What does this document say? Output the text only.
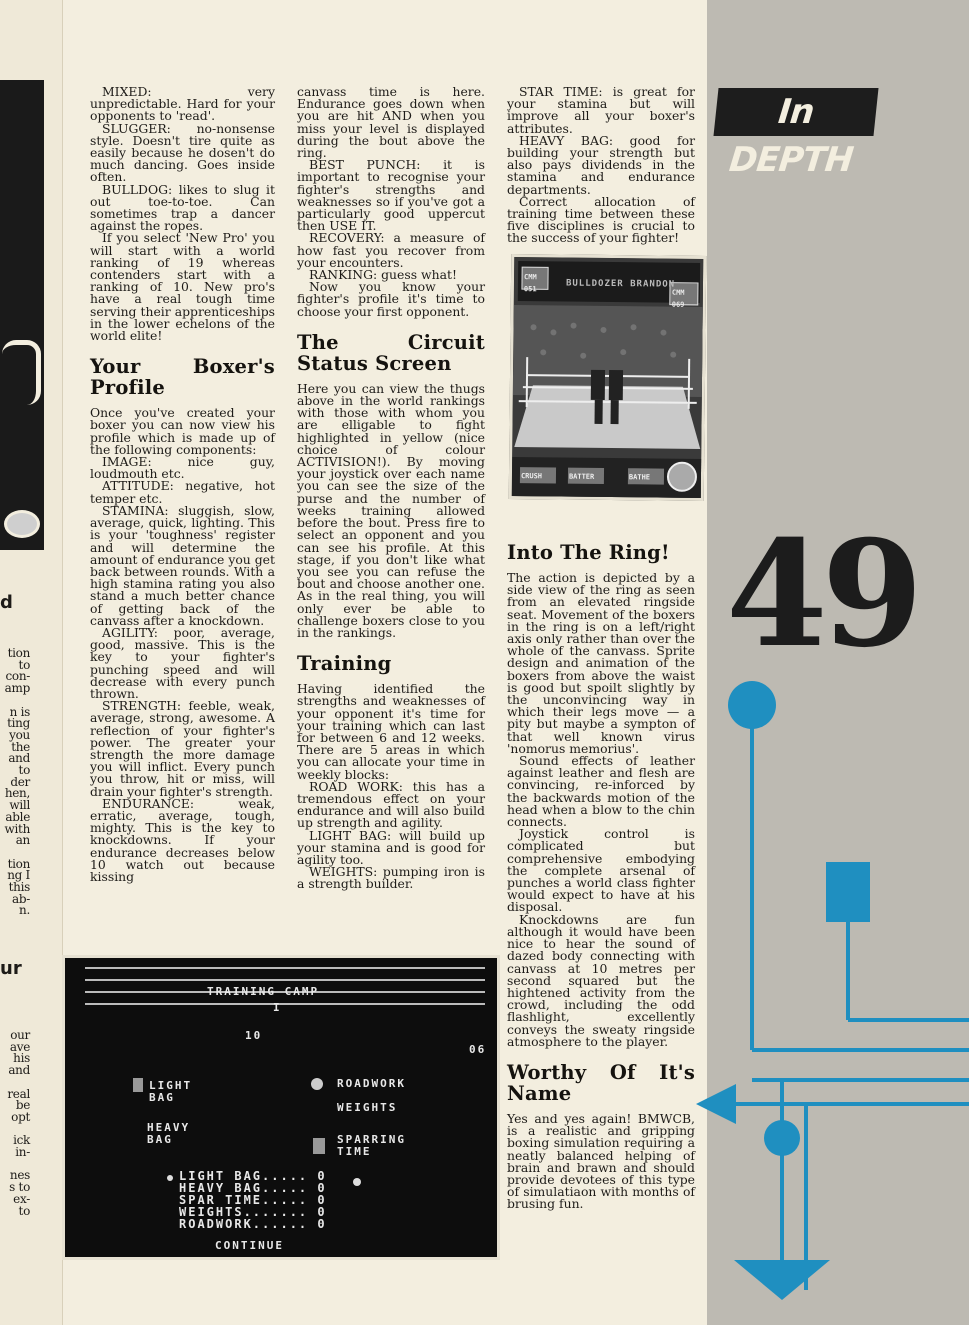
d
tion
to
con-
amp

n is
ting
you
the
and
to
der
hen,
will
able
with
an

tion
ng I
this
ab-
n.
ur
our
ave
his
and

real
be
opt

ick
in-

nes
s to
ex-
to
In DEPTH
49

MIXED: very unpredictable. Hard for your opponents to 'read'.

SLUGGER: no-nonsense style. Doesn't tire quite as easily because he dosen't do much dancing. Goes inside often.

BULLDOG: likes to slug it out toe-to-toe. Can sometimes trap a dancer against the ropes.

If you select 'New Pro' you will start with a world ranking of 19 whereas contenders start with a ranking of 10. New pro's have a real tough time serving their apprenticeships in the lower echelons of the world elite!

Your Boxer's Profile

Once you've created your boxer you can now view his profile which is made up of the following components:

IMAGE: nice guy, loudmouth etc.

ATTITUDE: negative, hot temper etc.

STAMINA: sluggish, slow, average, quick, lighting. This is your 'toughness' register and will determine the amount of endurance you get back between rounds. With a high stamina rating you also stand a much better chance of getting back of the canvass after a knockdown.

AGILITY: poor, average, good, massive. This is the key to your fighter's punching speed and will decrease with every punch thrown.

STRENGTH: feeble, weak, average, strong, awesome. A reflection of your fighter's power. The greater your strength the more damage you will inflict. Every punch you throw, hit or miss, will drain your fighter's strength.

ENDURANCE: weak, erratic, average, tough, mighty. This is the key to knockdowns. If your endurance decreases below 10 watch out because kissing

canvass time is here. Endurance goes down when you are hit AND when you miss your level is displayed during the bout above the ring.

BEST PUNCH: it is important to recognise your fighter's strengths and weaknesses so if you've got a particularly good uppercut then USE IT.

RECOVERY: a measure of how fast you recover from your encounters.

RANKING: guess what!

Now you know your fighter's profile it's time to choose your first opponent.

The Circuit Status Screen

Here you can view the thugs above in the world rankings with those with whom you are elligable to fight highlighted in yellow (nice choice of colour ACTIVISION!). By moving your joystick over each name you can see the size of the purse and the number of weeks training allowed before the bout. Press fire to select an opponent and you can see his profile. At this stage, if you don't like what you see you can refuse the bout and choose another one. As in the real thing, you will only ever be able to challenge boxers close to you in the rankings.

Training

Having identified the strengths and weaknesses of your opponent it's time for your training which can last for between 6 and 12 weeks. There are 5 areas in which you can allocate your time in weekly blocks:

ROAD WORK: this has a tremendous effect on your endurance and will also build up strength and agility.

LIGHT BAG: will build up your stamina and is good for agility too.

WEIGHTS: pumping iron is a strength builder.

STAR TIME: is great for your stamina but will improve all your boxer's attributes.

HEAVY BAG: good for building your strength but also pays dividends in the stamina and endurance departments.

Correct allocation of training time between these five disciplines is crucial to the success of your fighter!

Into The Ring!

The action is depicted by a side view of the ring as seen from an elevated ringside seat. Movement of the boxers in the ring is on a left/right axis only rather than over the whole of the canvass. Sprite design and animation of the boxers from above the waist is good but spoilt slightly by the unconvincing way in which their legs move — a pity but maybe a sympton of that well known virus 'nomorus memorius'.

Sound effects of leather against leather and flesh are convincing, re-inforced by the backwards motion of the head when a blow to the chin connects.

Joystick control is complicated but comprehensive embodying the complete arsenal of punches a world class fighter would expect to have at his disposal.

Knockdowns are fun although it would have been nice to hear the sound of dazed body connecting with canvass at 10 metres per second squared but the hightened activity from the crowd, including the odd flashlight, excellently conveys the sweaty ringside atmosphere to the player.

Worthy Of It's Name

Yes and yes again! BMWCB, is a realistic and gripping boxing simulation requiring a neatly balanced helping of brain and brawn and should provide devotees of this type of simulatiaon with months of brusing fun.

BULLDOZER BRANDON
CMM 051	CMM 069
CRUSH	BATTER	BATHE
TRAINING CAMP
I
10
06
LIGHT BAG
HEAVY BAG
ROADWORK
WEIGHTS
SPARRING TIME
LIGHT BAG..... 0
HEAVY BAG..... 0
SPAR TIME..... 0
WEIGHTS....... 0
ROADWORK...... 0
CONTINUE
